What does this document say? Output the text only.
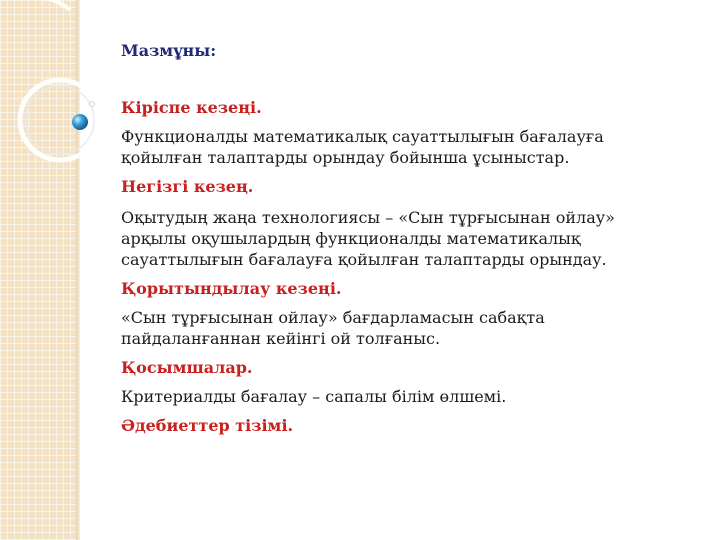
Мазмұны:

Кіріспе кезеңі.

Функционалды математикалық сауаттылығын бағалауға қойылған талаптарды орындау бойынша ұсыныстар.

Негізгі кезең.

Оқытудың жаңа технологиясы – «Сын тұрғысынан ойлау» арқылы оқушылардың функционалды математикалық сауаттылығын бағалауға қойылған талаптарды орындау.

Қорытындылау кезеңі.

«Сын тұрғысынан ойлау» бағдарламасын сабақта пайдаланғаннан кейінгі ой толғаныс.

Қосымшалар.

Критериалды бағалау – сапалы білім өлшемі.

Әдебиеттер тізімі.
